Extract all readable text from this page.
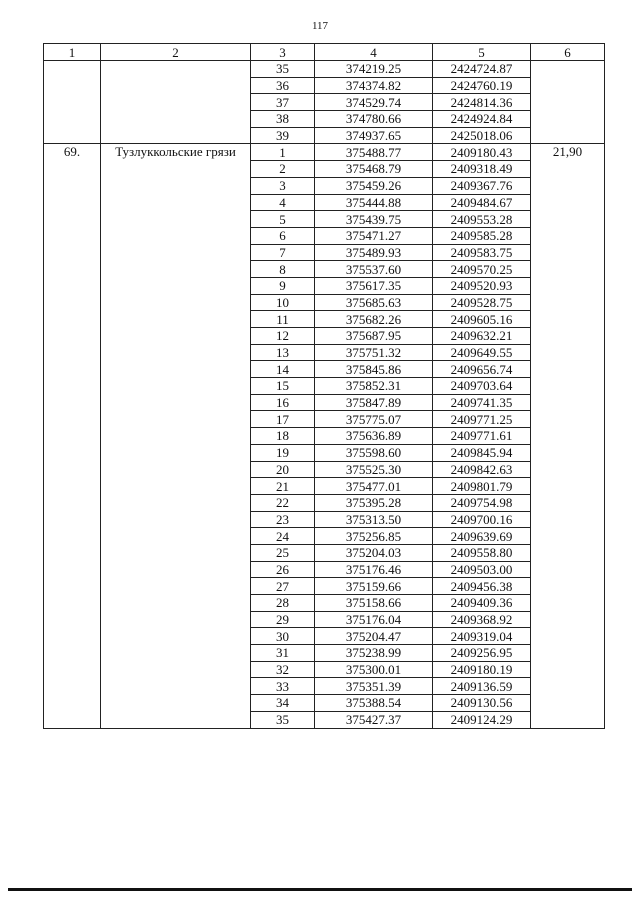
117
1	2	3	4	5	6
		35	374219.25	2424724.87	
		36	374374.82	2424760.19	
		37	374529.74	2424814.36	
		38	374780.66	2424924.84	
		39	374937.65	2425018.06	
69.	Тузлуккольские грязи	1	375488.77	2409180.43	21,90
		2	375468.79	2409318.49	
		3	375459.26	2409367.76	
		4	375444.88	2409484.67	
		5	375439.75	2409553.28	
		6	375471.27	2409585.28	
		7	375489.93	2409583.75	
		8	375537.60	2409570.25	
		9	375617.35	2409520.93	
		10	375685.63	2409528.75	
		11	375682.26	2409605.16	
		12	375687.95	2409632.21	
		13	375751.32	2409649.55	
		14	375845.86	2409656.74	
		15	375852.31	2409703.64	
		16	375847.89	2409741.35	
		17	375775.07	2409771.25	
		18	375636.89	2409771.61	
		19	375598.60	2409845.94	
		20	375525.30	2409842.63	
		21	375477.01	2409801.79	
		22	375395.28	2409754.98	
		23	375313.50	2409700.16	
		24	375256.85	2409639.69	
		25	375204.03	2409558.80	
		26	375176.46	2409503.00	
		27	375159.66	2409456.38	
		28	375158.66	2409409.36	
		29	375176.04	2409368.92	
		30	375204.47	2409319.04	
		31	375238.99	2409256.95	
		32	375300.01	2409180.19	
		33	375351.39	2409136.59	
		34	375388.54	2409130.56	
		35	375427.37	2409124.29	
